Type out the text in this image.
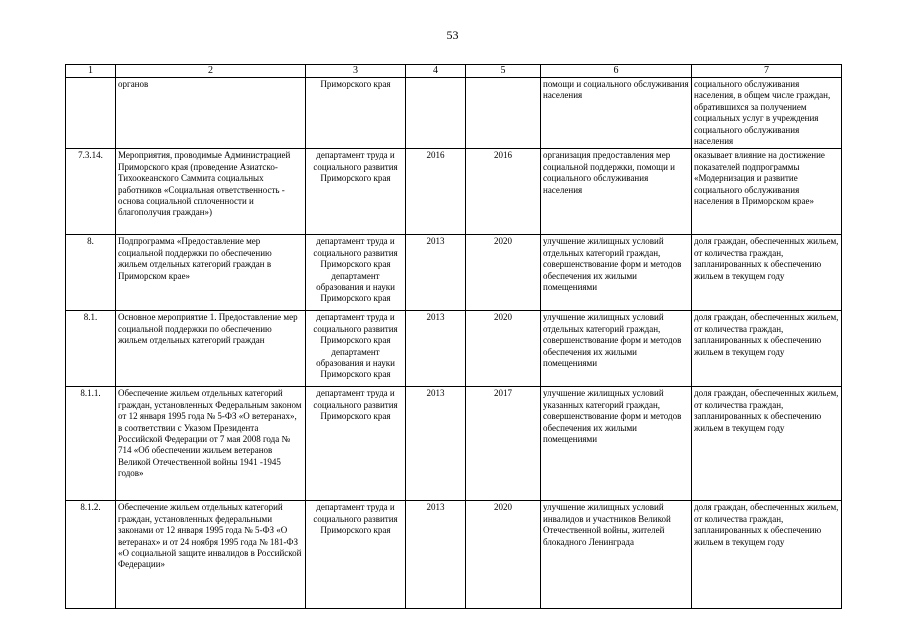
53
1	2	3	4	5	6	7
	органов	Приморского края			помощи и социального обслуживания населения	социального обслуживания населения, в общем числе граждан, обратившихся за получением социальных услуг в учреждения социального обслуживания населения
7.3.14.	Мероприятия, проводимые Администрацией Приморского края (проведение Азиатско-Тихоокеанского Саммита социальных работников «Социальная ответственность - основа социальной сплоченности и благополучия граждан»)	департамент труда и социального развития Приморского края	2016	2016	организация предоставления мер социальной поддержки, помощи и социального обслуживания населения	оказывает влияние на достижение показателей подпрограммы «Модернизация и развитие социального обслуживания населения в Приморском крае»
8.	Подпрограмма «Предоставление мер социальной поддержки по обеспечению жильем отдельных категорий граждан в Приморском крае»	департамент труда и социального развития Приморского края департамент образования и науки Приморского края	2013	2020	улучшение жилищных условий отдельных категорий граждан, совершенствование форм и методов обеспечения их жилыми помещениями	доля граждан, обеспеченных жильем, от количества граждан, запланированных к обеспечению жильем в текущем году
8.1.	Основное мероприятие 1. Предоставление мер социальной поддержки по обеспечению жильем отдельных категорий граждан	департамент труда и социального развития Приморского края департамент образования и науки Приморского края	2013	2020	улучшение жилищных условий отдельных категорий граждан, совершенствование форм и методов обеспечения их жилыми помещениями	доля граждан, обеспеченных жильем, от количества граждан, запланированных к обеспечению жильем в текущем году
8.1.1.	Обеспечение жильем отдельных категорий граждан, установленных Федеральным законом от 12 января 1995 года № 5-ФЗ «О ветеранах», в соответствии с Указом Президента Российской Федерации от 7 мая 2008 года № 714 «Об обеспечении жильем ветеранов Великой Отечественной войны 1941 -1945 годов»	департамент труда и социального развития Приморского края	2013	2017	улучшение жилищных условий указанных категорий граждан, совершенствование форм и методов обеспечения их жилыми помещениями	доля граждан, обеспеченных жильем, от количества граждан, запланированных к обеспечению жильем в текущем году
8.1.2.	Обеспечение жильем отдельных категорий граждан, установленных федеральными законами от 12 января 1995 года № 5-ФЗ «О ветеранах» и от 24 ноября 1995 года № 181-ФЗ «О социальной защите инвалидов в Российской Федерации»	департамент труда и социального развития Приморского края	2013	2020	улучшение жилищных условий инвалидов и участников Великой Отечественной войны, жителей блокадного Ленинграда	доля граждан, обеспеченных жильем, от количества граждан, запланированных к обеспечению жильем в текущем году
